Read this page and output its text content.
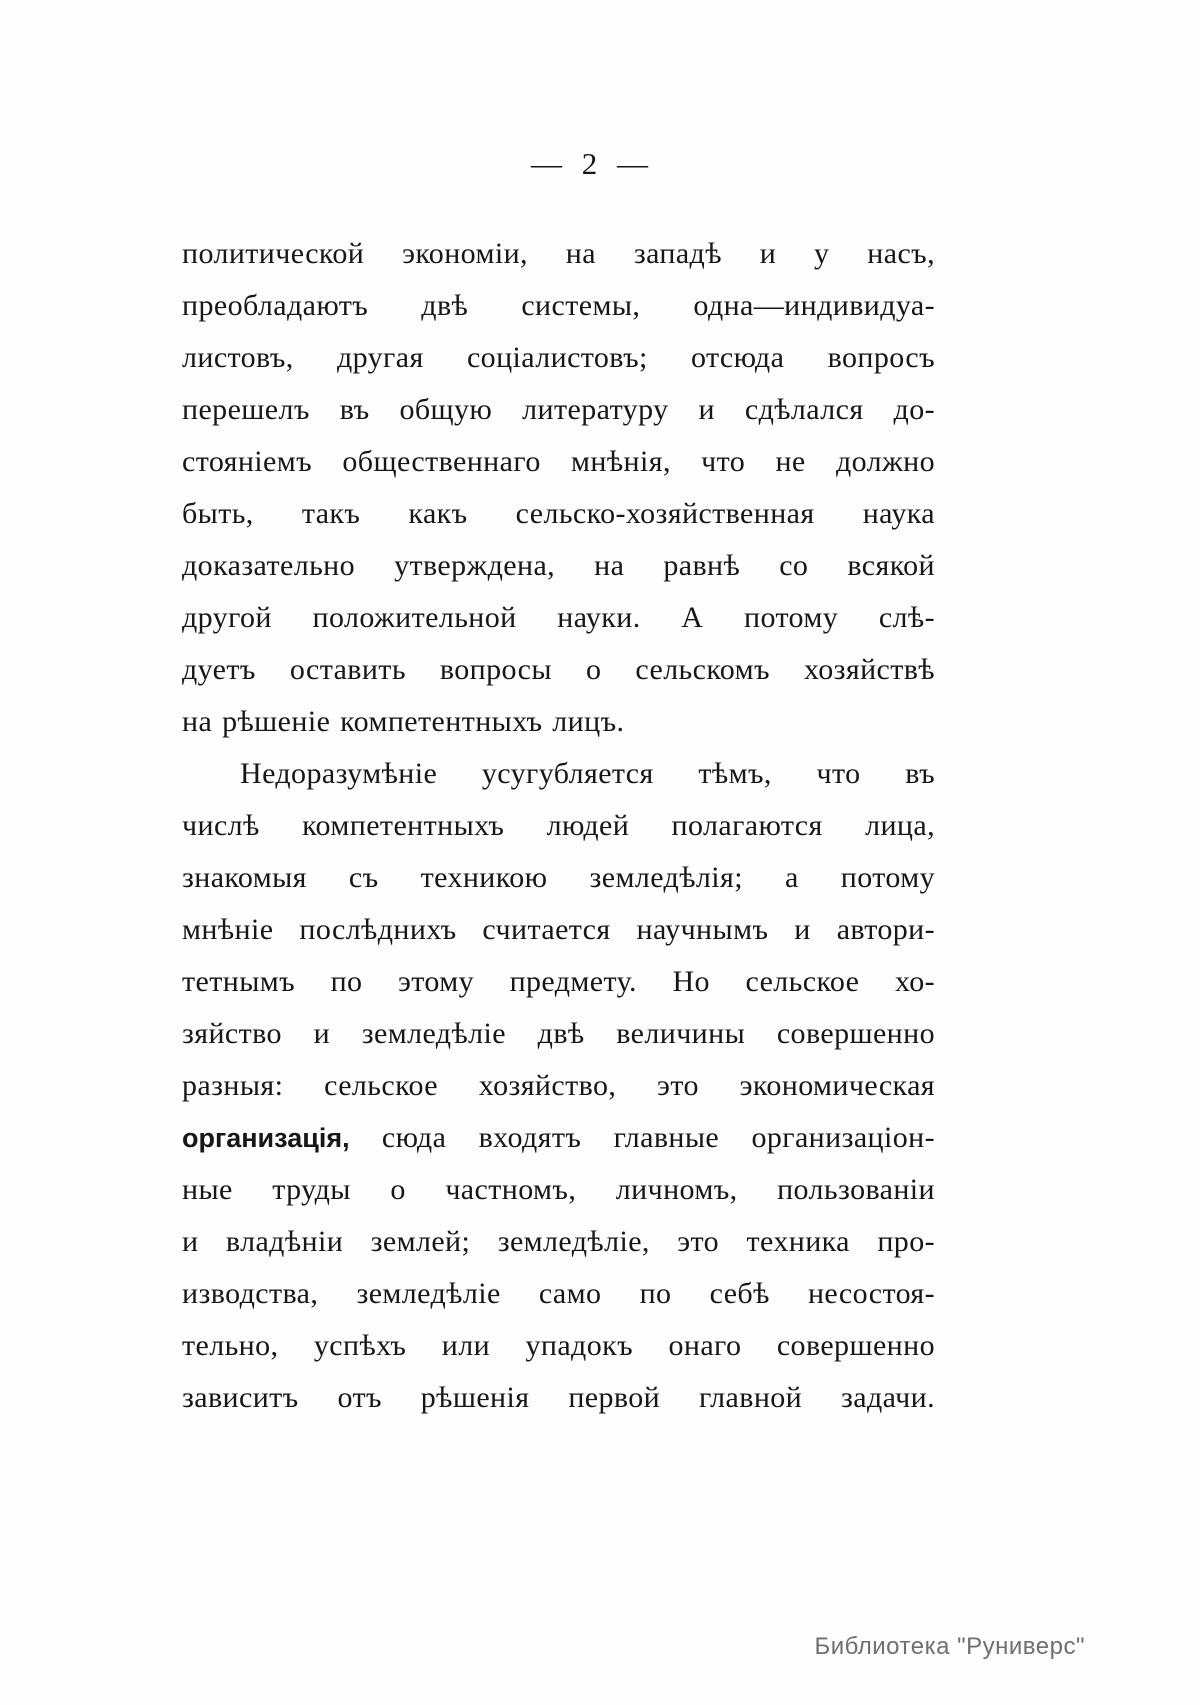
— 2 —
политической экономіи, на западѣ и у насъ,
преобладаютъ двѣ системы, одна—индивидуа-
листовъ, другая соціалистовъ; отсюда вопросъ
перешелъ въ общую литературу и сдѣлался до-
стояніемъ общественнаго мнѣнія, что не должно
быть, такъ какъ сельско-хозяйственная наука
доказательно утверждена, на равнѣ со всякой
другой положительной науки. А потому слѣ-
дуетъ оставить вопросы о сельскомъ хозяйствѣ
на рѣшеніе компетентныхъ лицъ.
Недоразумѣніе усугубляется тѣмъ, что въ
числѣ компетентныхъ людей полагаются лица,
знакомыя съ техникою земледѣлія; а потому
мнѣніе послѣднихъ считается научнымъ и автори-
тетнымъ по этому предмету. Но сельское хо-
зяйство и земледѣліе двѣ величины совершенно
разныя: сельское хозяйство, это экономическая
организація, сюда входятъ главные организаціон-
ные труды о частномъ, личномъ, пользованіи
и владѣніи землей; земледѣліе, это техника про-
изводства, земледѣліе само по себѣ несостоя-
тельно, успѣхъ или упадокъ онаго совершенно
зависитъ отъ рѣшенія первой главной задачи.
Библиотека "Руниверс"
